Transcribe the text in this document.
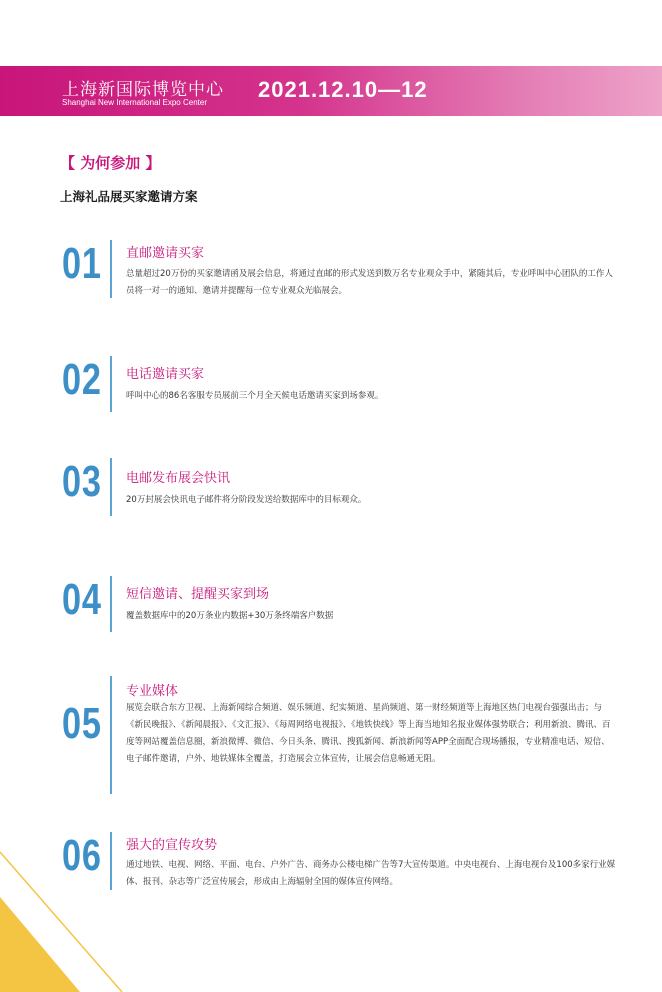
上海新国际博览中心
Shanghai New International Expo Center
2021.12.10—12
【 为何参加 】
上海礼品展买家邀请方案
01 直邮邀请买家
总量超过20万份的买家邀请函及展会信息，将通过直邮的形式发送到数万名专业观众手中，紧随其后，专业呼叫中心团队的工作人员将一对一的通知、邀请并提醒每一位专业观众光临展会。
02 电话邀请买家
呼叫中心的86名客服专员展前三个月全天候电话邀请买家到场参观。
03 电邮发布展会快讯
20万封展会快讯电子邮件将分阶段发送给数据库中的目标观众。
04 短信邀请、提醒买家到场
覆盖数据库中的20万条业内数据+30万条终端客户数据
05
专业媒体
展览会联合东方卫视、上海新闻综合频道、娱乐频道、纪实频道、星尚频道、第一财经频道等上海地区热门电视台强强出击；与《新民晚报》、《新闻晨报》、《文汇报》、《每周网络电视报》、《地铁快线》等上海当地知名报业媒体强势联合；利用新浪、腾讯、百度等网站覆盖信息圈，新浪微博、微信、今日头条、腾讯、搜狐新闻、新浪新闻等APP全面配合现场播报，专业精准电话、短信、电子邮件邀请，户外、地铁媒体全覆盖，打造展会立体宣传，让展会信息畅通无阻。
06 强大的宣传攻势
通过地铁、电视、网络、平面、电台、户外广告、商务办公楼电梯广告等7大宣传渠道。中央电视台、上海电视台及100多家行业媒体、报刊、杂志等广泛宣传展会，形成由上海辐射全国的媒体宣传网络。
